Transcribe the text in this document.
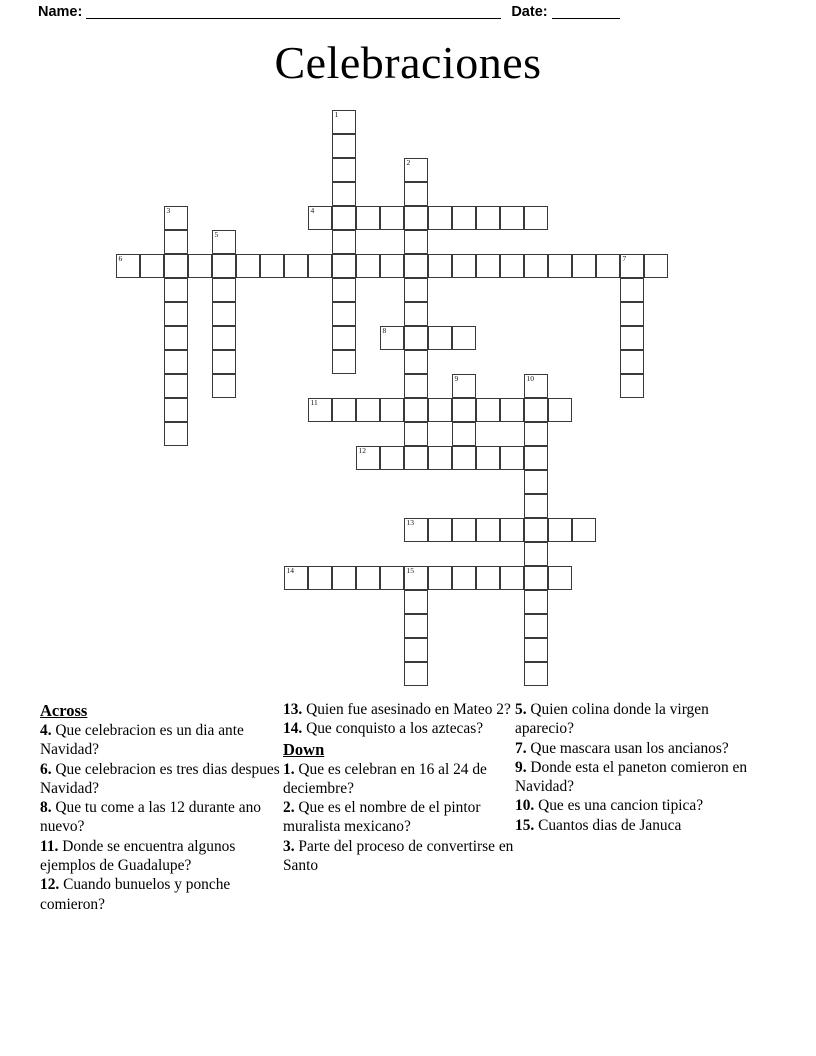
Name:	Date:
Celebraciones
1
2
3	4
5
6	7
8
9	10
11
12
13
14	15
Across
4. Que celebracion es un dia ante Navidad?
6. Que celebracion es tres dias despues Navidad?
8. Que tu come a las 12 durante ano nuevo?
11. Donde se encuentra algunos ejemplos de Guadalupe?
12. Cuando bunuelos y ponche comieron?
13. Quien fue asesinado en Mateo 2?
14. Que conquisto a los aztecas?
Down
1. Que es celebran en 16 al 24 de deciembre?
2. Que es el nombre de el pintor muralista mexicano?
3. Parte del proceso de convertirse en Santo
5. Quien colina donde la virgen aparecio?
7. Que mascara usan los ancianos?
9. Donde esta el paneton comieron en Navidad?
10. Que es una cancion tipica?
15. Cuantos dias de Januca
